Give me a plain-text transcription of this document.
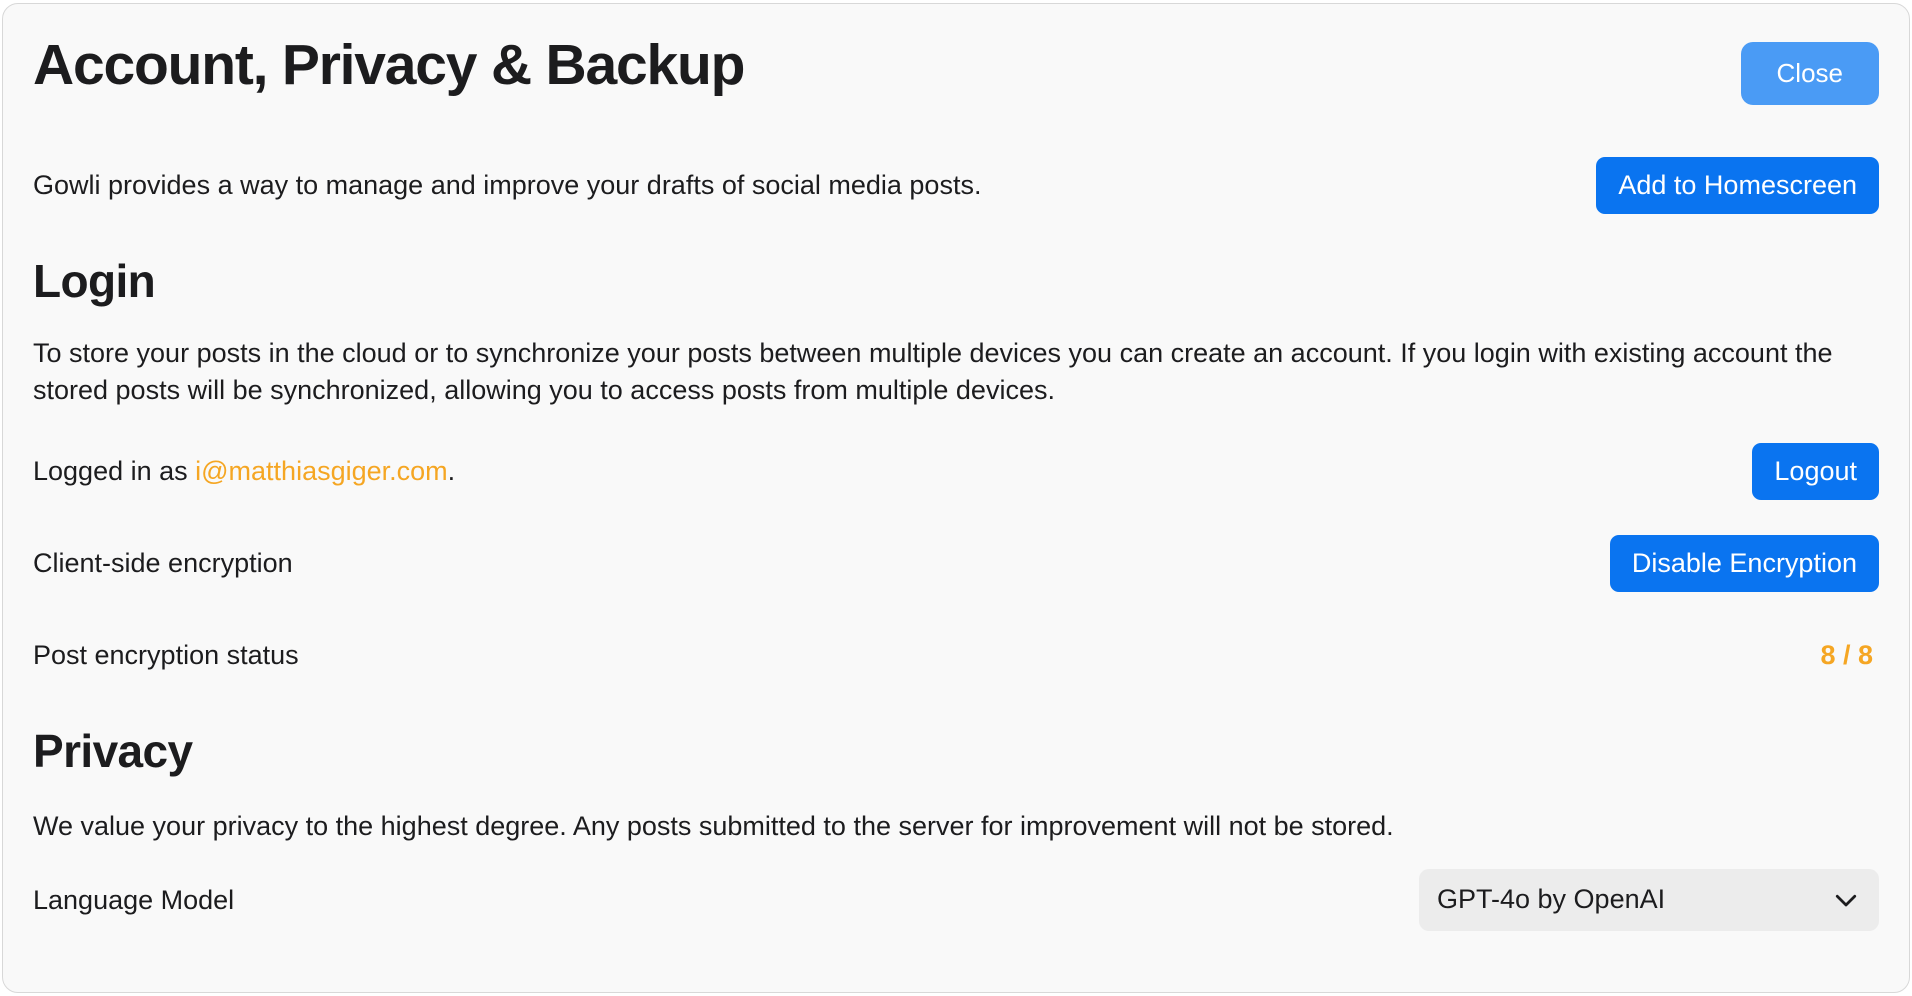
Account, Privacy & Backup	Close

Gowli provides a way to manage and improve your drafts of social media posts.	Add to Homescreen
Login

To store your posts in the cloud or to synchronize your posts between multiple devices you can create an account. If you login with existing account the stored posts will be synchronized, allowing you to access posts from multiple devices.

Logged in as i@matthiasgiger.com.	Logout
Client-side encryption	Disable Encryption
Post encryption status	8 / 8
Privacy

We value your privacy to the highest degree. Any posts submitted to the server for improvement will not be stored.

Language Model	GPT-4o by OpenAI
